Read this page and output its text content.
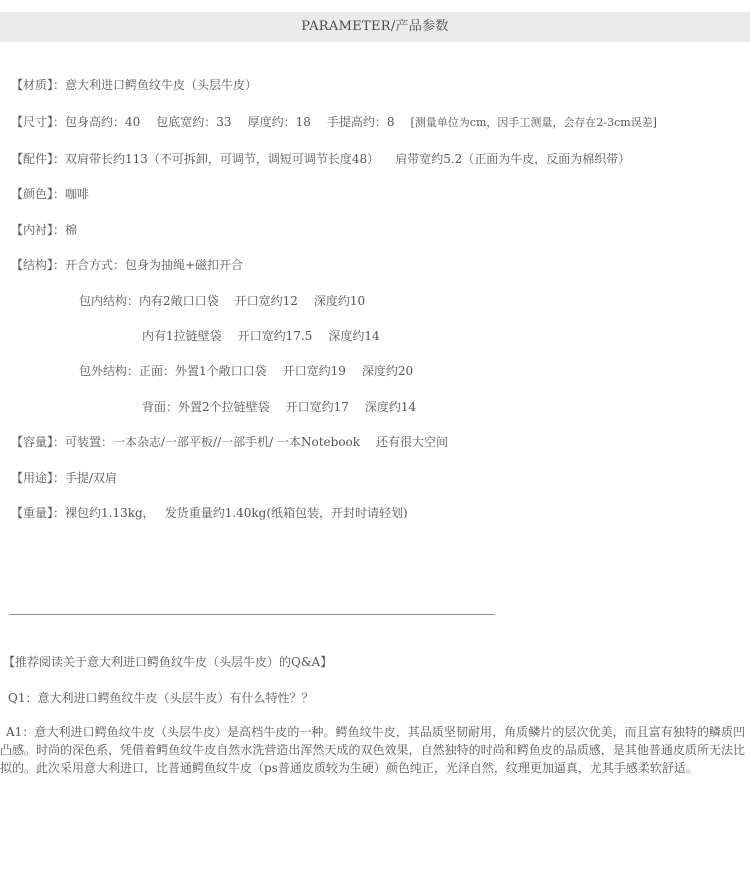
PARAMETER/产品参数
【材质】：意大利进口鳄鱼纹牛皮（头层牛皮）
【尺寸】：包身高约：40 包底宽约：33 厚度约：18 手提高约：8 [测量单位为cm，因手工测量，会存在2-3cm误差]
【配件】：双肩带长约113（不可拆卸，可调节，调短可调节长度48） 肩带宽约5.2（正面为牛皮，反面为棉织带）
【颜色】：咖啡
【内衬】：棉
【结构】：开合方式：包身为抽绳+磁扣开合
包内结构：内有2敞口口袋 开口宽约12 深度约10
内有1拉链壁袋 开口宽约17.5 深度约14
包外结构：正面：外置1个敞口口袋 开口宽约19 深度约20
背面：外置2个拉链壁袋 开口宽约17 深度约14
【容量】：可装置：一本杂志/一部平板//一部手机/ 一本Notebook 还有很大空间
【用途】：手提/双肩
【重量】：裸包约1.13kg， 发货重量约1.40kg(纸箱包装，开封时请轻划)
【推荐阅读关于意大利进口鳄鱼纹牛皮（头层牛皮）的Q&A】
Q1：意大利进口鳄鱼纹牛皮（头层牛皮）有什么特性？？
A1：意大利进口鳄鱼纹牛皮（头层牛皮）是高档牛皮的一种。鳄鱼纹牛皮，其品质坚韧耐用，角质鳞片的层次优美，而且富有独特的鳞质凹凸感。时尚的深色系，凭借着鳄鱼纹牛皮自然水洗营造出浑然天成的双色效果，自然独特的时尚和鳄鱼皮的品质感，是其他普通皮质所无法比拟的。此次采用意大利进口，比普通鳄鱼纹牛皮（ps普通皮质较为生硬）颜色纯正，光泽自然，纹理更加逼真，尤其手感柔软舒适。
